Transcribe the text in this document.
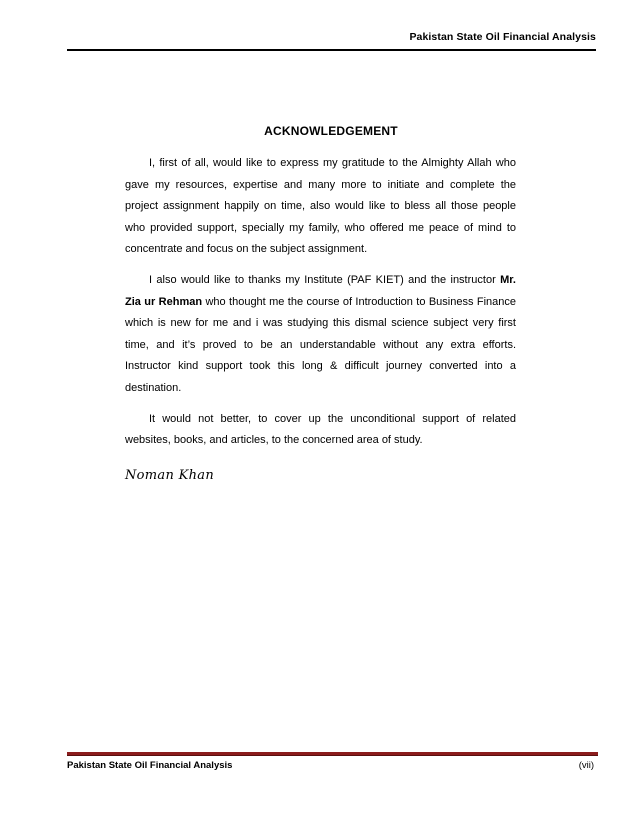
Pakistan State Oil Financial Analysis
ACKNOWLEDGEMENT

I, first of all, would like to express my gratitude to the Almighty Allah who gave my resources, expertise and many more to initiate and complete the project assignment happily on time, also would like to bless all those people who provided support, specially my family, who offered me peace of mind to concentrate and focus on the subject assignment.

I also would like to thanks my Institute (PAF KIET) and the instructor Mr. Zia ur Rehman who thought me the course of Introduction to Business Finance which is new for me and i was studying this dismal science subject very first time, and it’s proved to be an understandable without any extra efforts. Instructor kind support took this long & difficult journey converted into a destination.

It would not better, to cover up the unconditional support of related websites, books, and articles, to the concerned area of study.

Noman Khan
Pakistan State Oil Financial Analysis	(vii)
